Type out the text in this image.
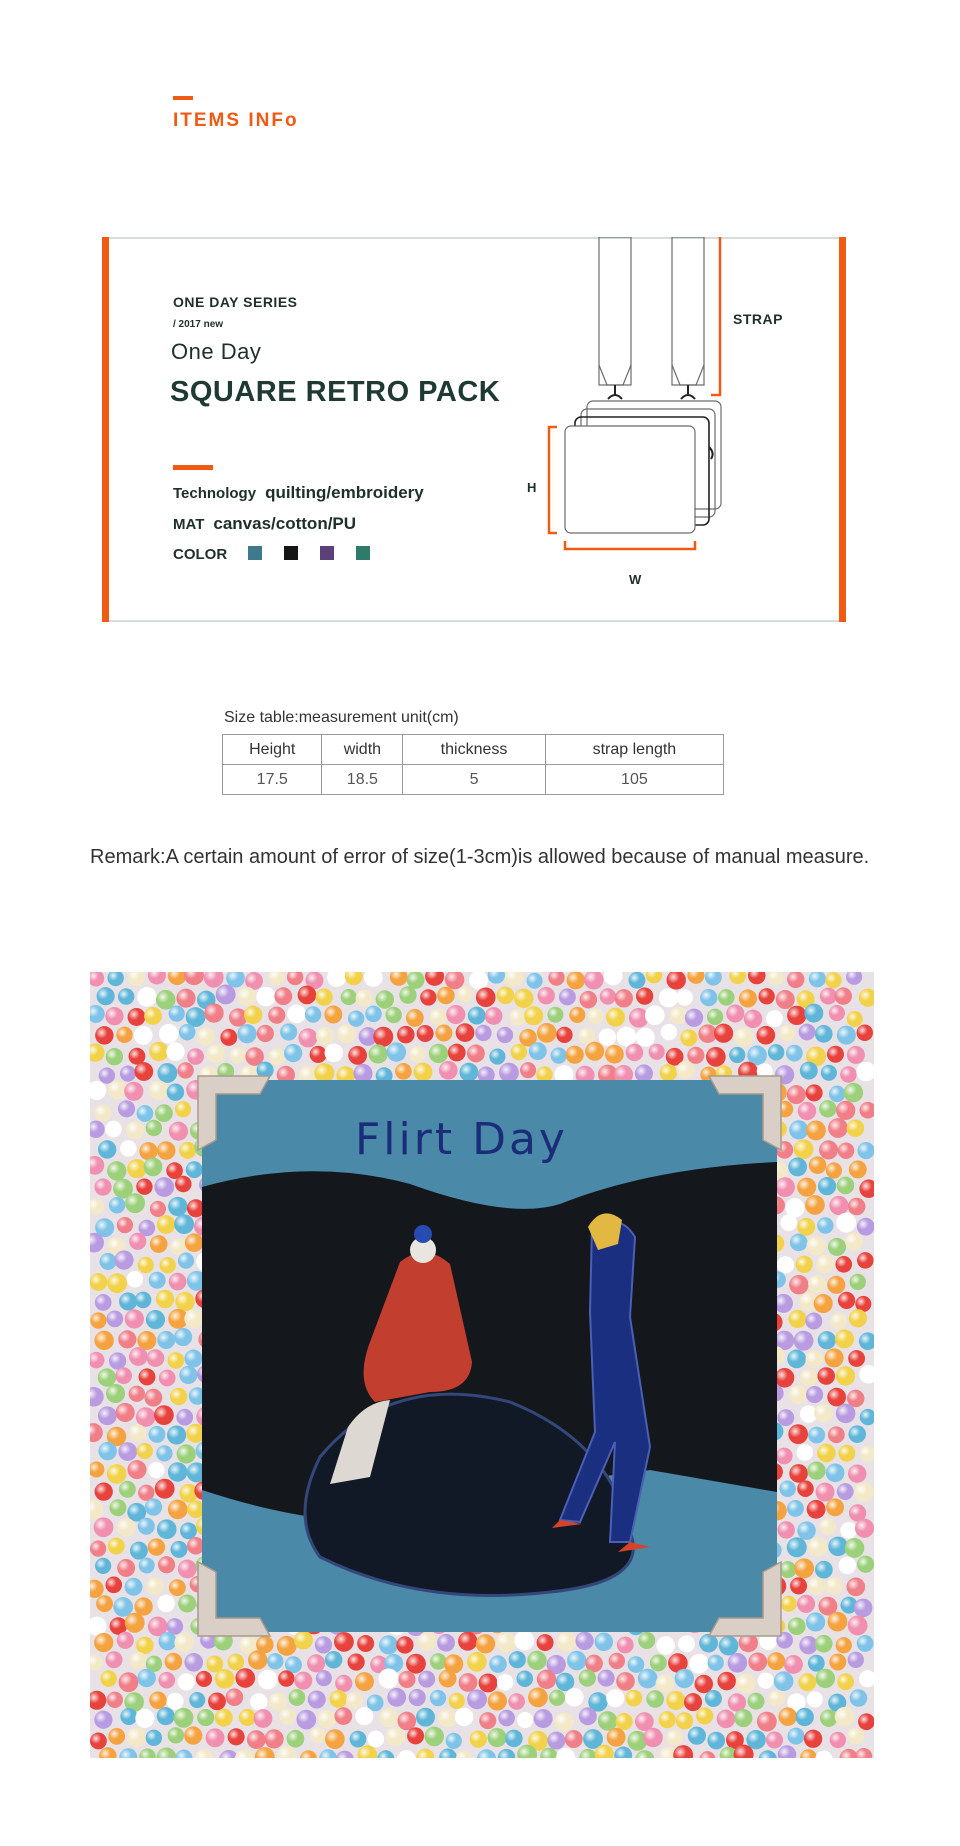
ITEMS INFo
ONE DAY SERIES
/ 2017 new
One Day
SQUARE RETRO PACK
Technology quilting/embroidery
MAT canvas/cotton/PU
COLOR
STRAP
H
W
Size table:measurement unit(cm)
Height	width	thickness	strap length
17.5	18.5	5	105
Remark:A certain amount of error of size(1-3cm)is allowed because of manual measure.
Flirt Day
